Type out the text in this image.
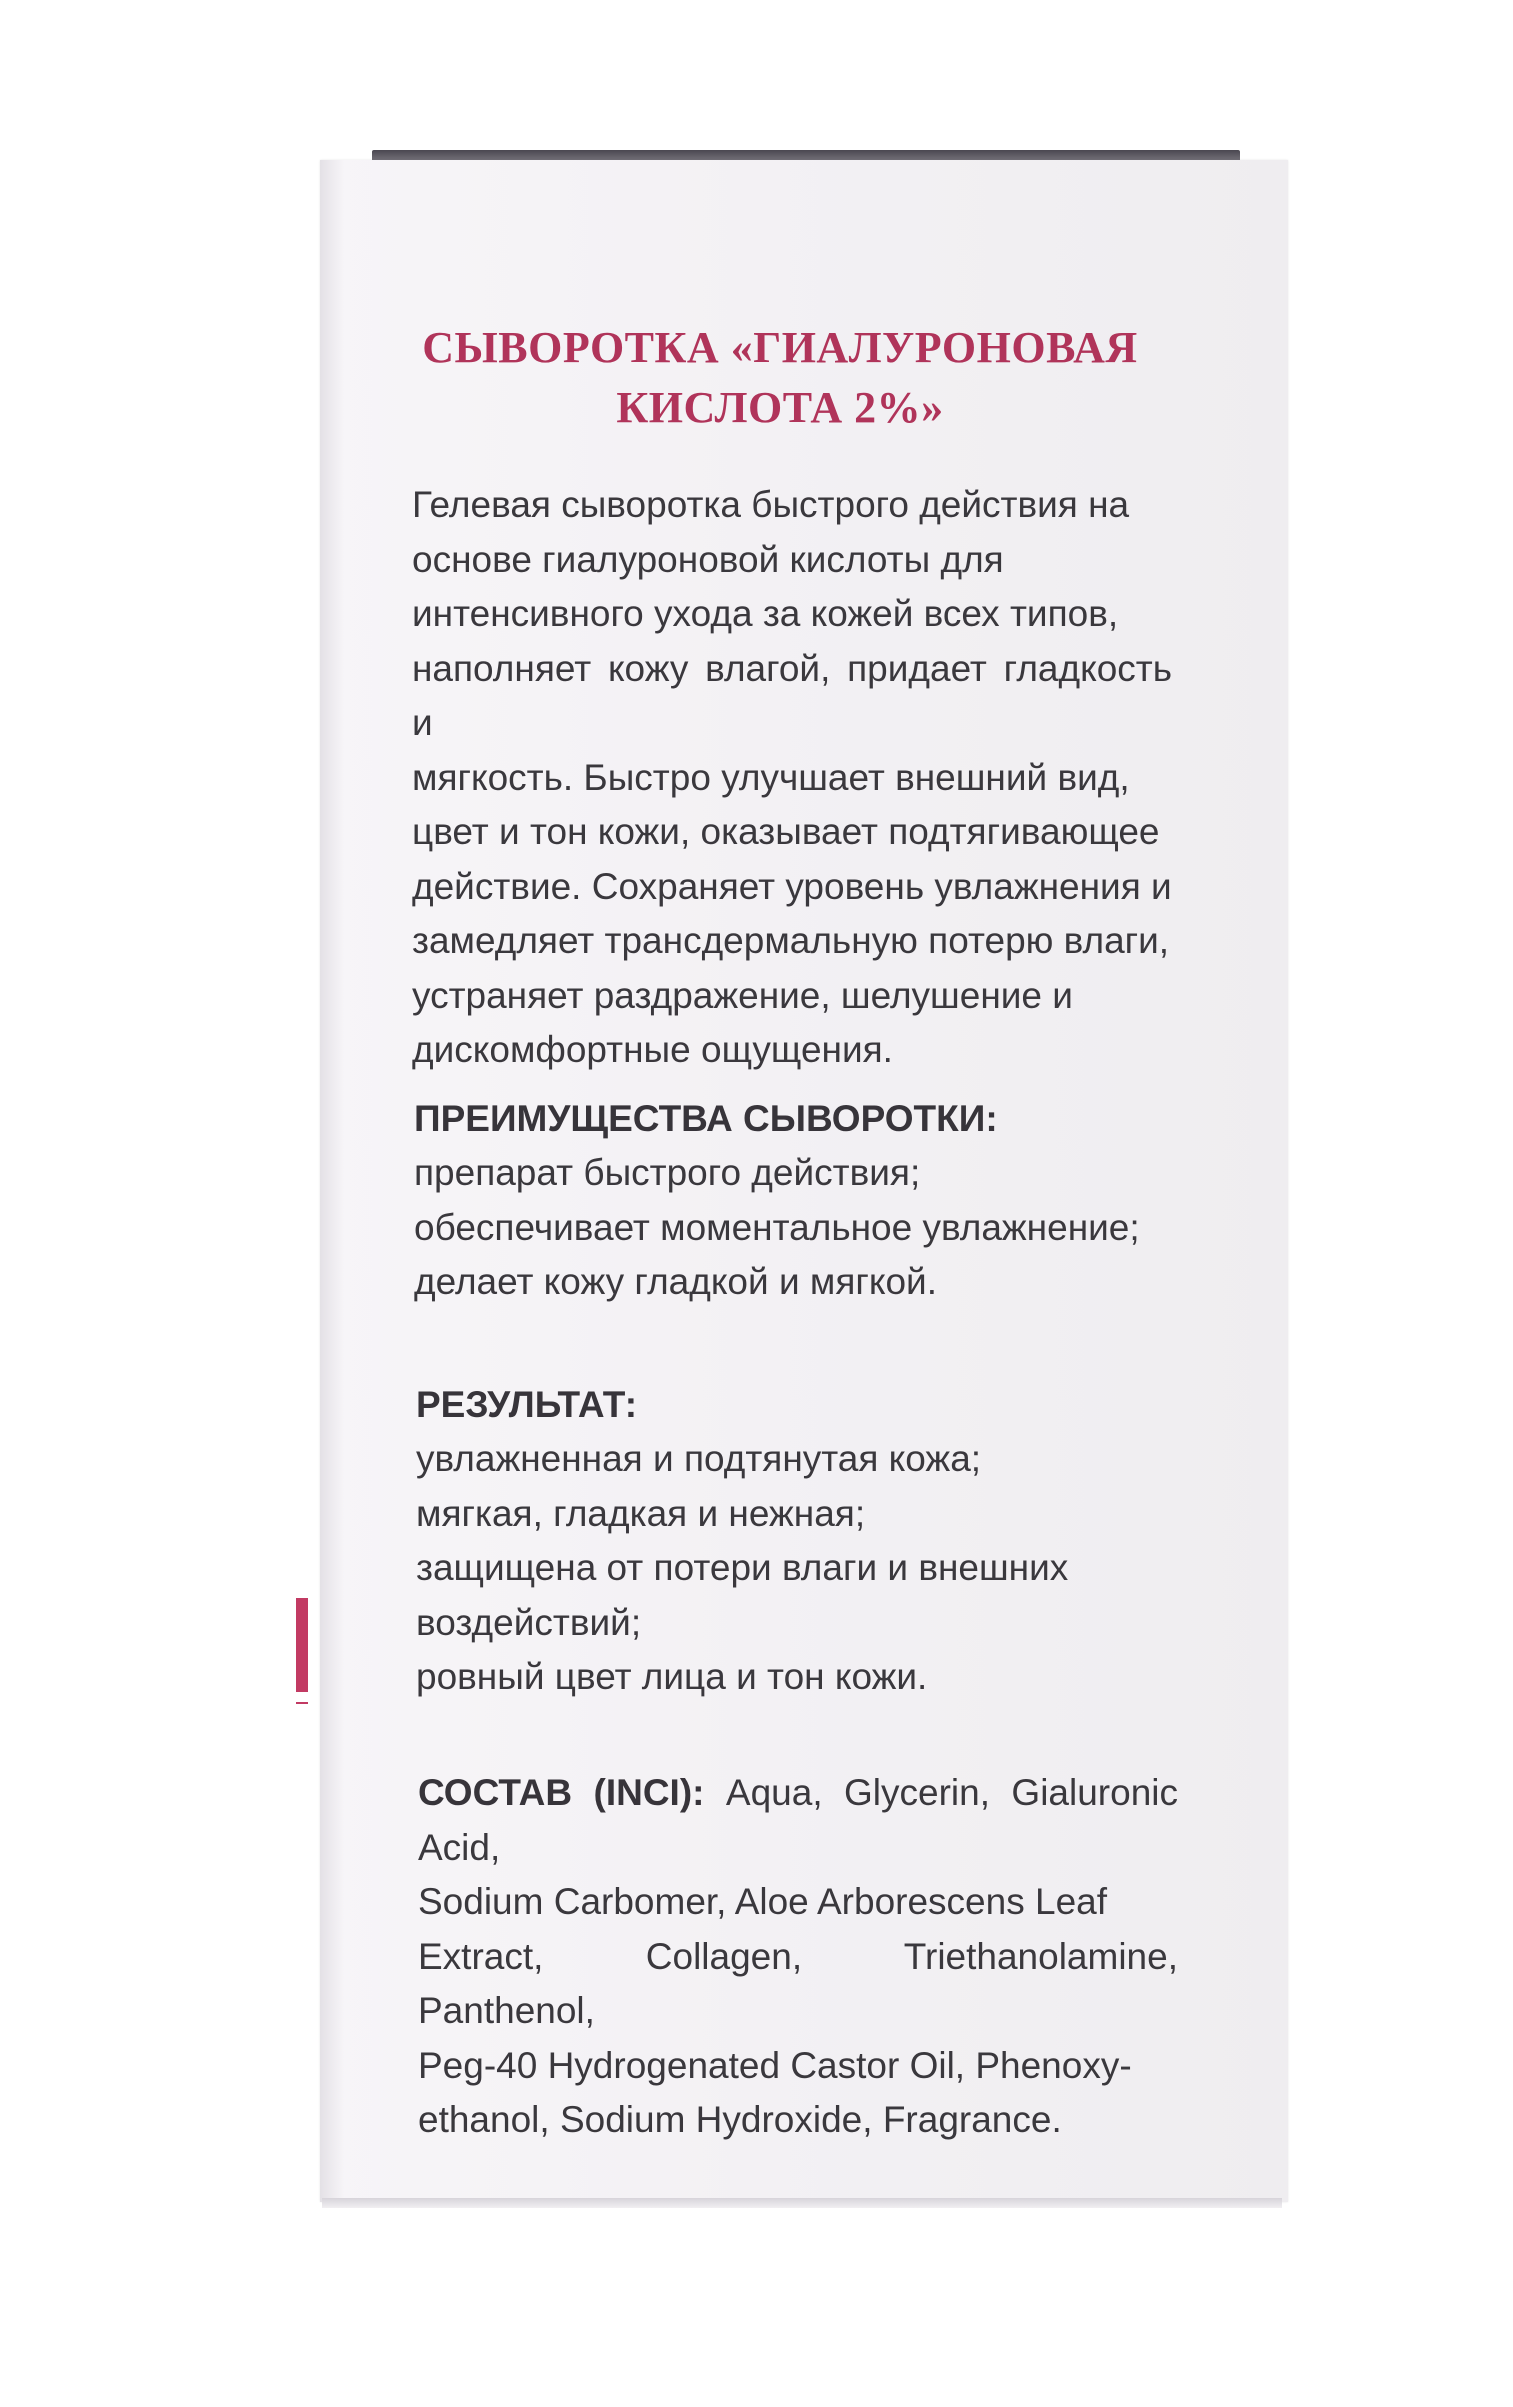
СЫВОРОТКА «ГИАЛУРОНОВАЯ
КИСЛОТА 2%»
Гелевая сыворотка быстрого действия на
основе гиалуроновой кислоты для
интенсивного ухода за кожей всех типов,
наполняет кожу влагой, придает гладкость и
мягкость. Быстро улучшает внешний вид,
цвет и тон кожи, оказывает подтягивающее
действие. Сохраняет уровень увлажнения и
замедляет трансдермальную потерю влаги,
устраняет раздражение, шелушение и
дискомфортные ощущения.
ПРЕИМУЩЕСТВА СЫВОРОТКИ:
препарат быстрого действия;
обеспечивает моментальное увлажнение;
делает кожу гладкой и мягкой.
РЕЗУЛЬТАТ:
увлажненная и подтянутая кожа;
мягкая, гладкая и нежная;
защищена от потери влаги и внешних
воздействий;
ровный цвет лица и тон кожи.
СОСТАВ (INCI): Aqua, Glycerin, Gialuronic Acid,
Sodium Carbomer, Aloe Arborescens Leaf
Extract, Collagen, Triethanolamine, Panthenol,
Peg-40 Hydrogenated Castor Oil, Phenoxy-
ethanol, Sodium Hydroxide, Fragrance.
